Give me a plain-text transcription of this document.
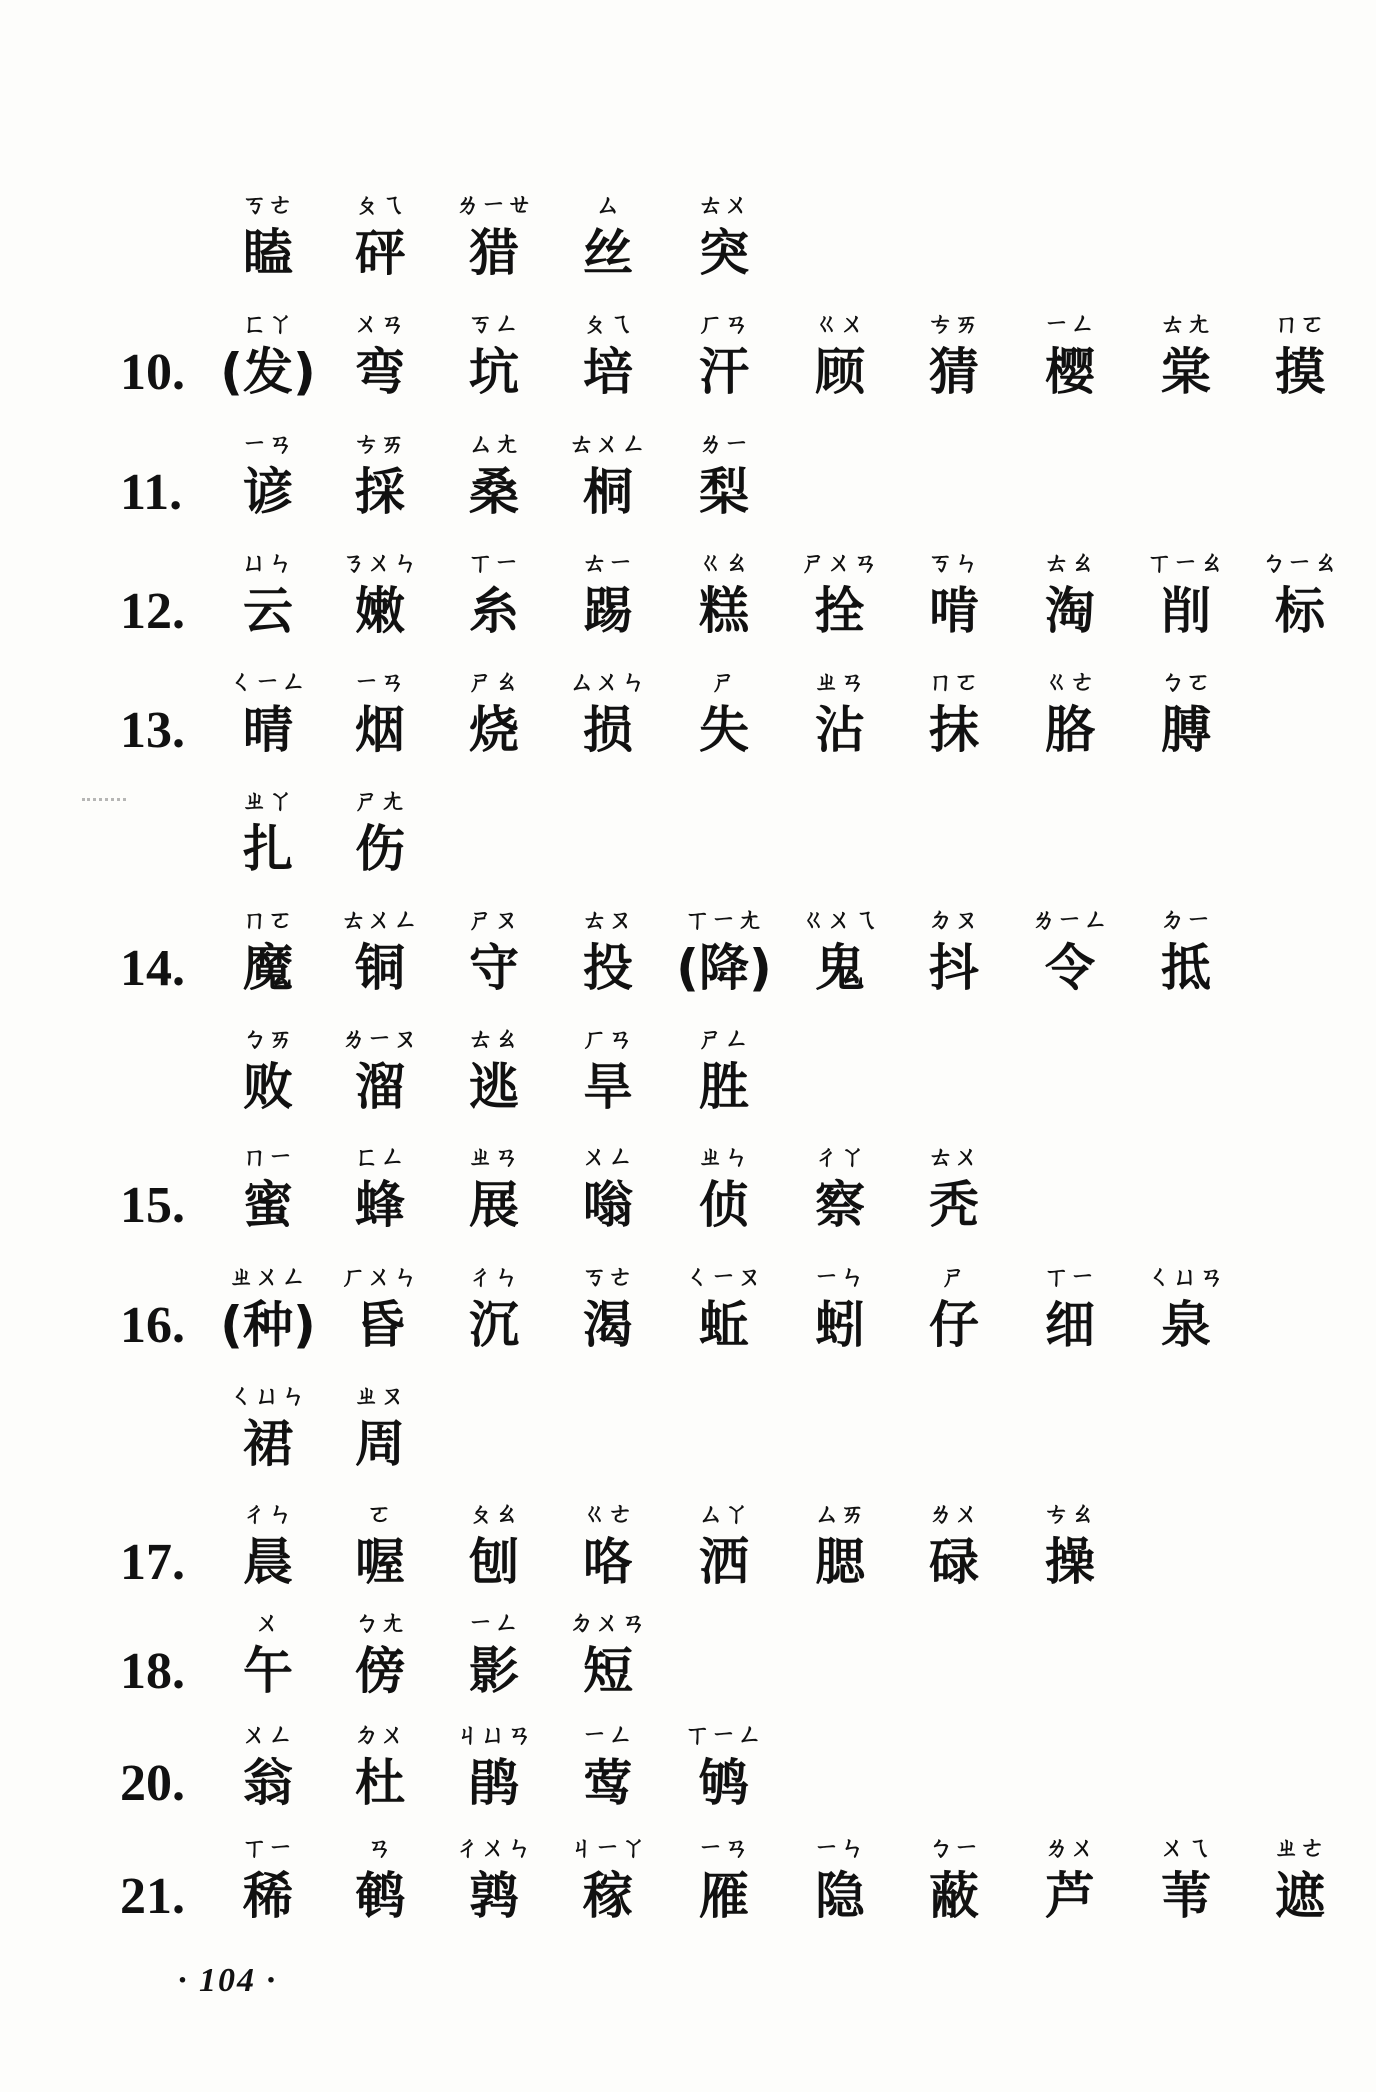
ㄎㄜ
瞌
ㄆㄟ
砰
ㄌㄧㄝ
猎
ㄙ
丝
ㄊㄨ
突
10.
ㄈㄚ
(发)
ㄨㄢ
弯
ㄎㄥ
坑
ㄆㄟ
培
ㄏㄢ
汗
ㄍㄨ
顾
ㄘㄞ
猜
ㄧㄥ
樱
ㄊㄤ
棠
ㄇㄛ
摸
11.
ㄧㄢ
谚
ㄘㄞ
採
ㄙㄤ
桑
ㄊㄨㄥ
桐
ㄌㄧ
梨
12.
ㄩㄣ
云
ㄋㄨㄣ
嫩
ㄒㄧ
糸
ㄊㄧ
踢
ㄍㄠ
糕
ㄕㄨㄢ
拴
ㄎㄣ
啃
ㄊㄠ
淘
ㄒㄧㄠ
削
ㄅㄧㄠ
标
13.
ㄑㄧㄥ
晴
ㄧㄢ
烟
ㄕㄠ
烧
ㄙㄨㄣ
损
ㄕ
失
ㄓㄢ
沾
ㄇㄛ
抹
ㄍㄜ
胳
ㄅㄛ
膊
ㄓㄚ
扎
ㄕㄤ
伤
14.
ㄇㄛ
魔
ㄊㄨㄥ
铜
ㄕㄡ
守
ㄊㄡ
投
ㄒㄧㄤ
(降)
ㄍㄨㄟ
鬼
ㄉㄡ
抖
ㄌㄧㄥ
令
ㄉㄧ
抵
ㄅㄞ
败
ㄌㄧㄡ
溜
ㄊㄠ
逃
ㄏㄢ
旱
ㄕㄥ
胜
15.
ㄇㄧ
蜜
ㄈㄥ
蜂
ㄓㄢ
展
ㄨㄥ
嗡
ㄓㄣ
侦
ㄔㄚ
察
ㄊㄨ
秃
16.
ㄓㄨㄥ
(种)
ㄏㄨㄣ
昏
ㄔㄣ
沉
ㄎㄜ
渴
ㄑㄧㄡ
蚯
ㄧㄣ
蚓
ㄕ
仔
ㄒㄧ
细
ㄑㄩㄢ
泉
ㄑㄩㄣ
裙
ㄓㄡ
周
17.
ㄔㄣ
晨
ㄛ
喔
ㄆㄠ
刨
ㄍㄜ
咯
ㄙㄚ
洒
ㄙㄞ
腮
ㄌㄨ
碌
ㄘㄠ
操
18.
ㄨ
午
ㄅㄤ
傍
ㄧㄥ
影
ㄉㄨㄢ
短
20.
ㄨㄥ
翁
ㄉㄨ
杜
ㄐㄩㄢ
鹃
ㄧㄥ
莺
ㄒㄧㄥ
鸲
21.
ㄒㄧ
稀
ㄢ
鹌
ㄔㄨㄣ
鹑
ㄐㄧㄚ
稼
ㄧㄢ
雁
ㄧㄣ
隐
ㄅㄧ
蔽
ㄌㄨ
芦
ㄨㄟ
苇
ㄓㄜ
遮
· 104 ·
